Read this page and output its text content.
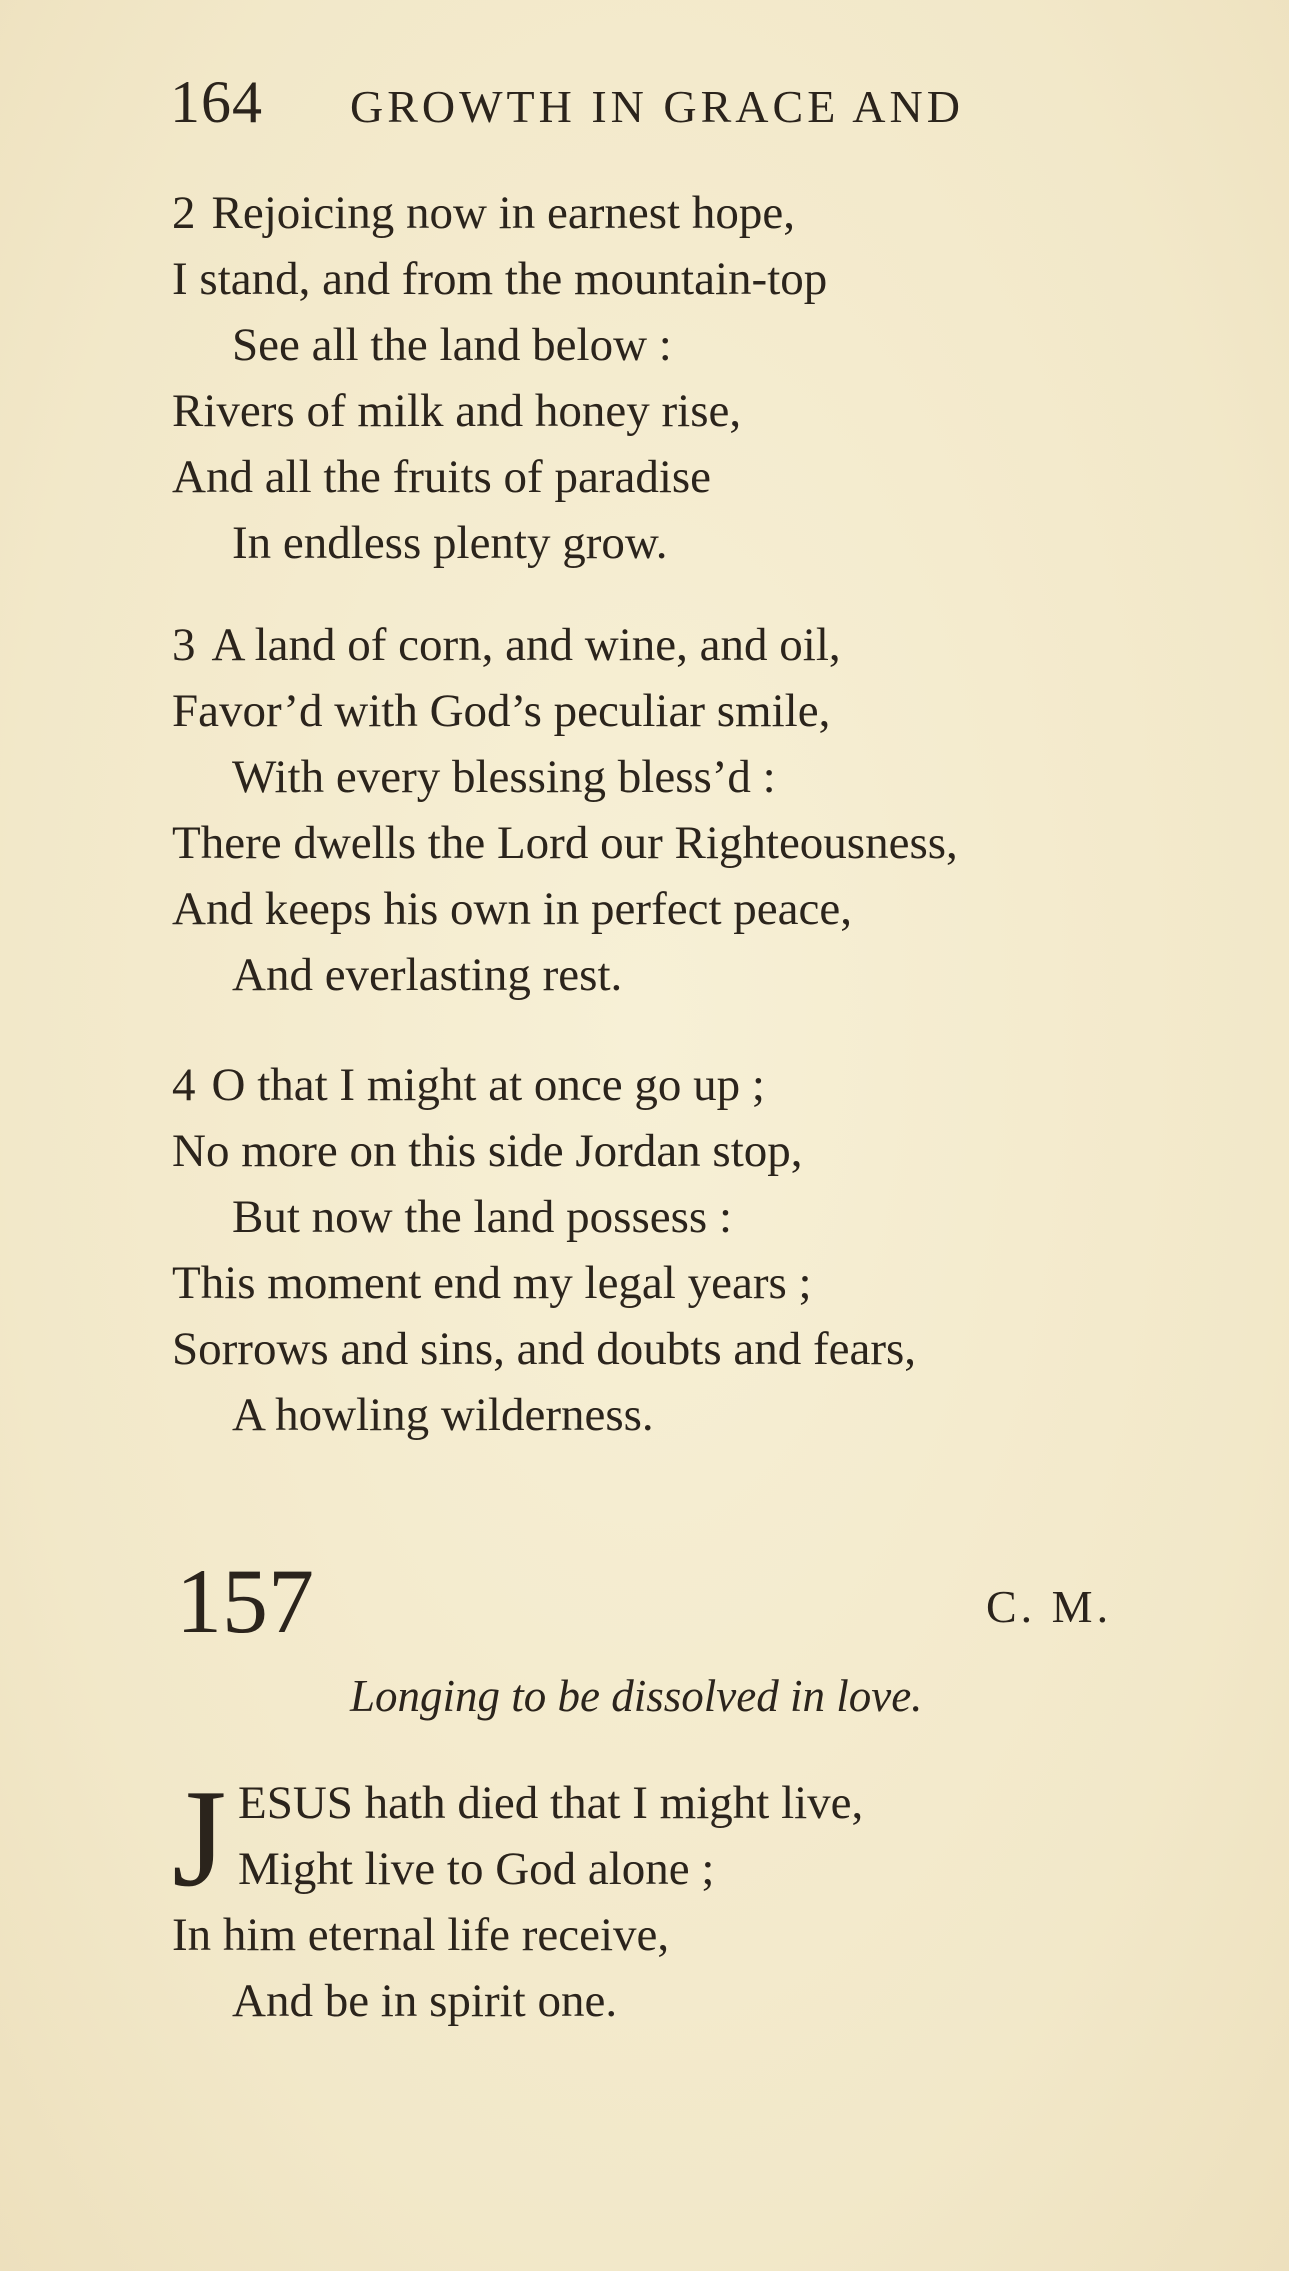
164 GROWTH IN GRACE AND
2 Rejoicing now in earnest hope,
I stand, and from the mountain-top
See all the land below :
Rivers of milk and honey rise,
And all the fruits of paradise
In endless plenty grow.
3 A land of corn, and wine, and oil,
Favor’d with God’s peculiar smile,
With every blessing bless’d :
There dwells the Lord our Righteousness,
And keeps his own in perfect peace,
And everlasting rest.
4 O that I might at once go up ;
No more on this side Jordan stop,
But now the land possess :
This moment end my legal years ;
Sorrows and sins, and doubts and fears,
A howling wilderness.
157	C. M.
Longing to be dissolved in love.
J ESUS hath died that I might live,
Might live to God alone ;
In him eternal life receive,
And be in spirit one.
